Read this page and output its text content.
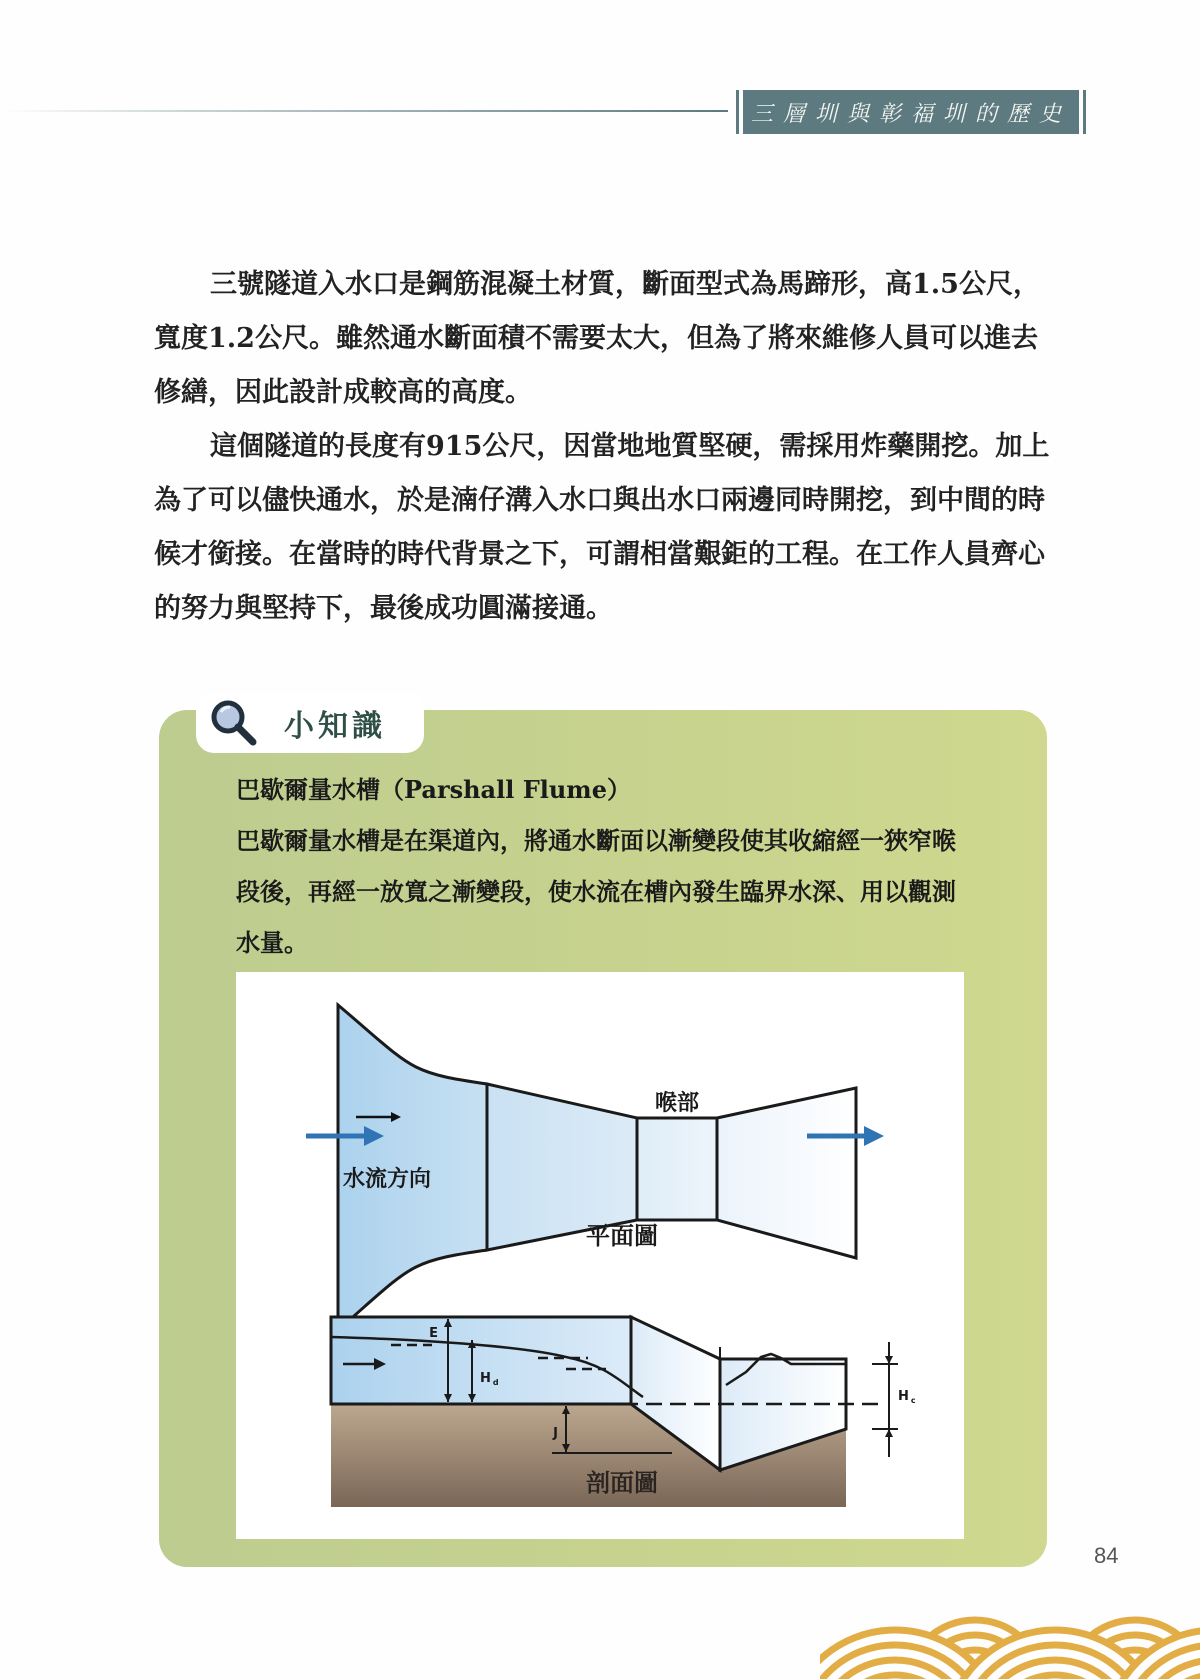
三層圳與彰福圳的歷史

三號隧道入水口是鋼筋混凝土材質，斷面型式為馬蹄形，高1.5公尺，寬度1.2公尺。雖然通水斷面積不需要太大，但為了將來維修人員可以進去修繕，因此設計成較高的高度。

這個隧道的長度有915公尺，因當地地質堅硬，需採用炸藥開挖。加上為了可以儘快通水，於是湳仔溝入水口與出水口兩邊同時開挖，到中間的時候才銜接。在當時的時代背景之下，可謂相當艱鉅的工程。在工作人員齊心的努力與堅持下，最後成功圓滿接通。

小知識
巴歇爾量水槽（Parshall Flume）
巴歇爾量水槽是在渠道內，將通水斷面以漸變段使其收縮經一狹窄喉段後，再經一放寬之漸變段，使水流在槽內發生臨界水深、用以觀測水量。
喉部
水流方向
平面圖
E
H $_d$
J
H $_c$
剖面圖
84
